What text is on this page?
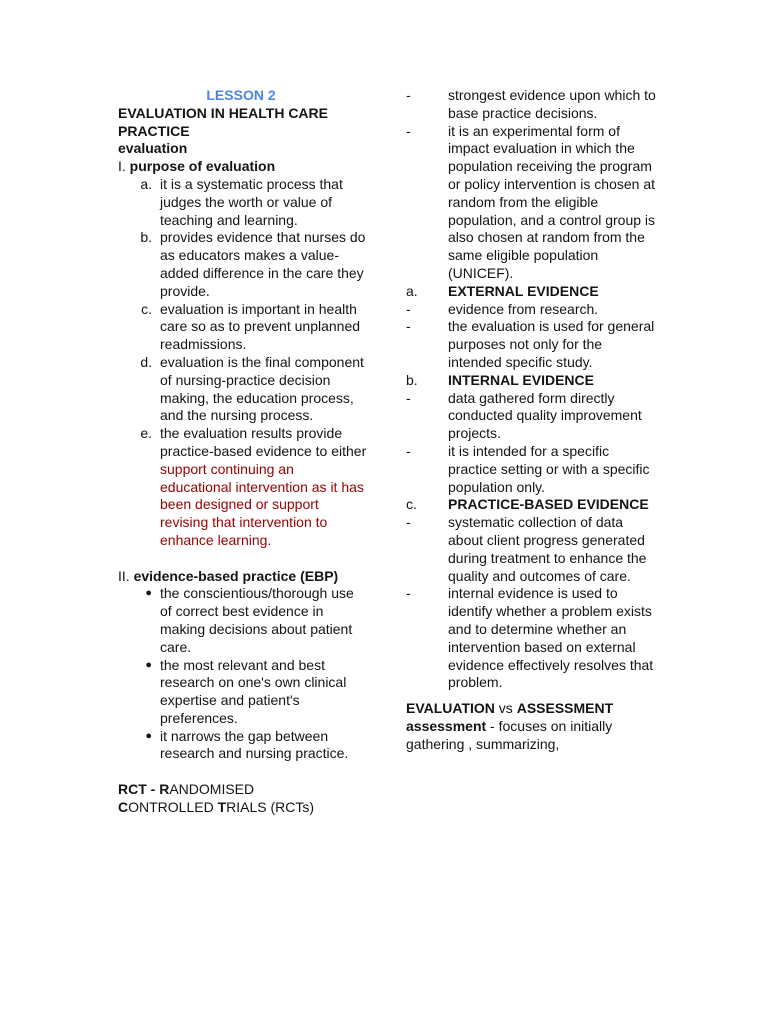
LESSON 2
EVALUATION IN HEALTH CARE PRACTICE
evaluation
I. purpose of evaluation
a. it is a systematic process that judges the worth or value of teaching and learning.
b. provides evidence that nurses do as educators makes a value-added difference in the care they provide.
c. evaluation is important in health care so as to prevent unplanned readmissions.
d. evaluation is the final component of nursing-practice decision making, the education process, and the nursing process.
e. the evaluation results provide practice-based evidence to either support continuing an educational intervention as it has been designed or support revising that intervention to enhance learning.
II. evidence-based practice (EBP)
● the conscientious/thorough use of correct best evidence in making decisions about patient care.
● the most relevant and best research on one's own clinical expertise and patient's preferences.
● it narrows the gap between research and nursing practice.
RCT - RANDOMISED
CONTROLLED TRIALS (RCTs)
-	strongest evidence upon which to base practice decisions.
-	it is an experimental form of impact evaluation in which the population receiving the program or policy intervention is chosen at random from the eligible population, and a control group is also chosen at random from the same eligible population (UNICEF).
a.	EXTERNAL EVIDENCE
-	evidence from research.
-	the evaluation is used for general purposes not only for the intended specific study.
b.	INTERNAL EVIDENCE
-	data gathered form directly conducted quality improvement projects.
-	it is intended for a specific practice setting or with a specific population only.
c.	PRACTICE-BASED EVIDENCE
-	systematic collection of data about client progress generated during treatment to enhance the quality and outcomes of care.
-	internal evidence is used to identify whether a problem exists and to determine whether an intervention based on external evidence effectively resolves that problem.
EVALUATION vs ASSESSMENT
assessment - focuses on initially gathering , summarizing,
